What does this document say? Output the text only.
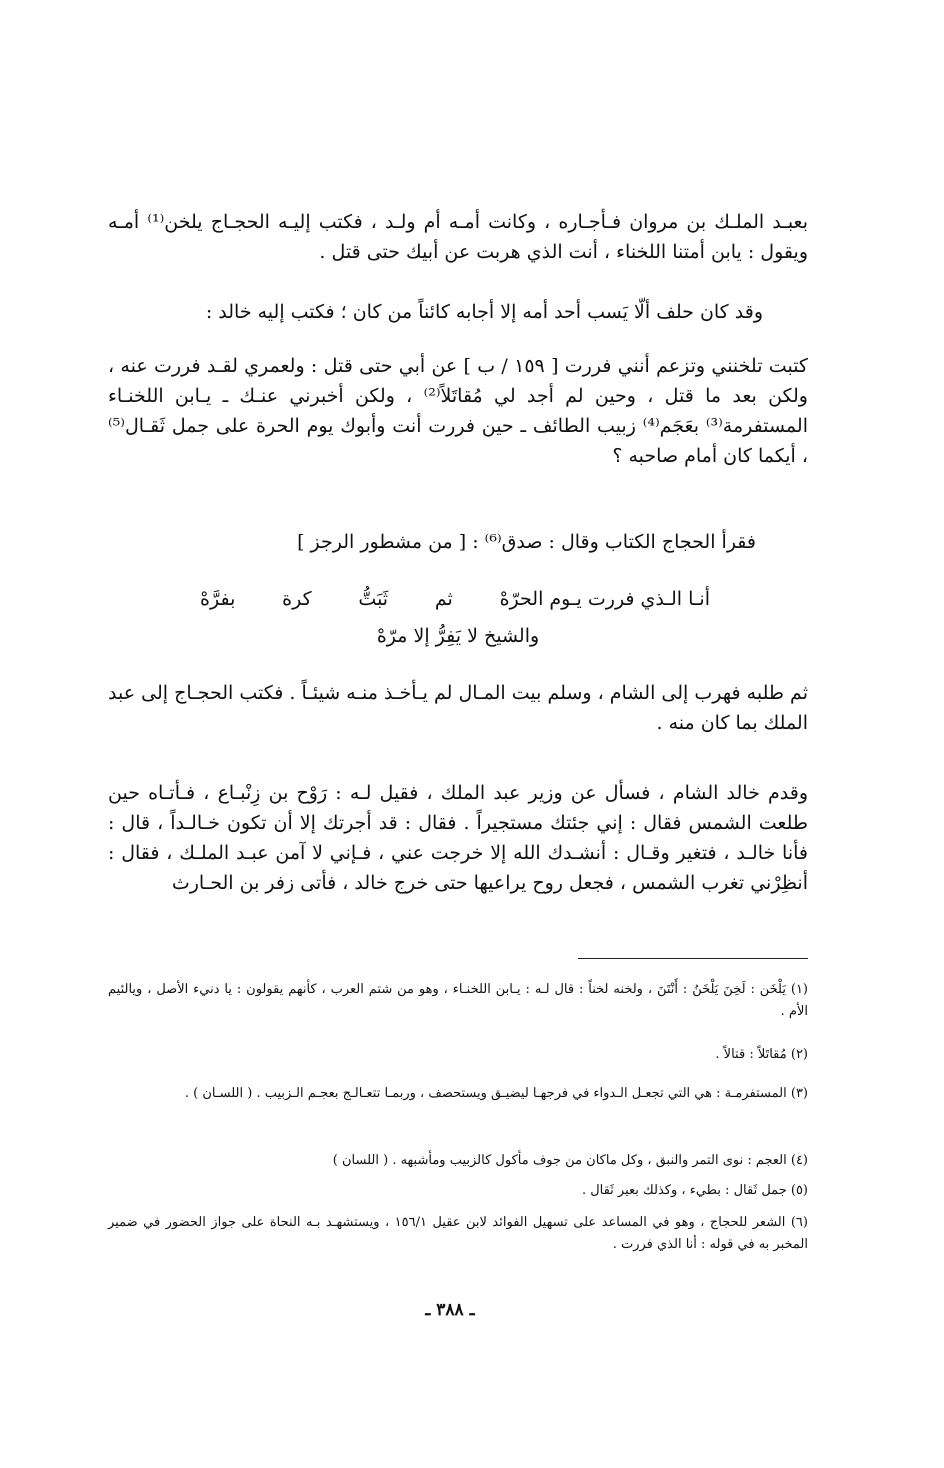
بعبـد الملـك بن مروان فـأجـاره ، وكانت أمـه أم ولـد ، فكتب إليـه الحجـاج يلخن⁽¹⁾ أمـه ويقول : يابن أمتنا اللخناء ، أنت الذي هربت عن أبيك حتى قتل .
وقد كان حلف ألّا يَسب أحد أمه إلا أجابه كائناً من كان ؛ فكتب إليه خالد :
كتبت تلخنني وتزعم أنني فررت [ ١٥٩ / ب ] عن أبي حتى قتل : ولعمري لقـد فررت عنه ، ولكن بعد ما قتل ، وحين لم أجد لي مُقاتَلاً⁽²⁾ ، ولكن أخبرني عنـك ـ يـابن اللخنـاء المستفرمة⁽³⁾ بعَجَم⁽⁴⁾ زبيب الطائف ـ حين فررت أنت وأبوك يوم الحرة على جمل ثَقـال⁽⁵⁾ ، أيكما كان أمام صاحبه ؟
فقرأ الحجاج الكتاب وقال : صدق⁽⁶⁾ : [ من مشطور الرجز ]
أنـا الـذي فررت يـوم الحرّهْ
ثم
ثَبَتُّ
كرة
بفرَّهْ
والشيخ لا يَفِرُّ إلا مرّهْ
ثم طلبه فهرب إلى الشام ، وسلم بيت المـال لم يـأخـذ منـه شيئـاً . فكتب الحجـاج إلى عبد الملك بما كان منه .
وقدم خالد الشام ، فسأل عن وزير عبد الملك ، فقيل لـه : رَوْح بن زِنْبـاع ، فـأتـاه حين طلعت الشمس فقال : إني جئتك مستجيراً . فقال : قد أجرتك إلا أن تكون خـالـداً ، قال : فأنا خالـد ، فتغير وقـال : أنشـدك الله إلا خرجت عني ، فـإني لا آمن عبـد الملـك ، فقال : أنظِرْني تغرب الشمس ، فجعل روح يراعيها حتى خرج خالد ، فأتى زفر بن الحـارث
(١) يَلْخَن : لَخِنَ يَلْخَنُ : أَنْتَنَ ، ولخنه لخناً : قال لـه : يـابن اللخنـاء ، وهو من شتم العرب ، كأنهم يقولون : يا دنيء الأصل ، ويالئيم الأم .
(٢) مُقاتَلاً : قتالاً .
(٣) المستفرمـة : هي التي تجعـل الـدواء في فرجهـا ليضيـق ويستحصف ، وربمـا تتعـالـج بعجـم الـزبيب . ( اللسـان ) .
(٤) العجم : نوى التمر والنبق ، وكل ماكان من جوف مأكول كالزبيب ومأشبهه . ( اللسان )
(٥) جمل ثَقال : بطيء ، وكذلك بعير ثَقال .
(٦) الشعر للحجاج ، وهو في المساعد على تسهيل الفوائد لابن عقيل ١٥٦/١ ، ويستشهـد بـه النحاة على جواز الحضور في ضمير المخبر به في قوله : أنا الذي فررت .
ـ ٣٨٨ ـ
